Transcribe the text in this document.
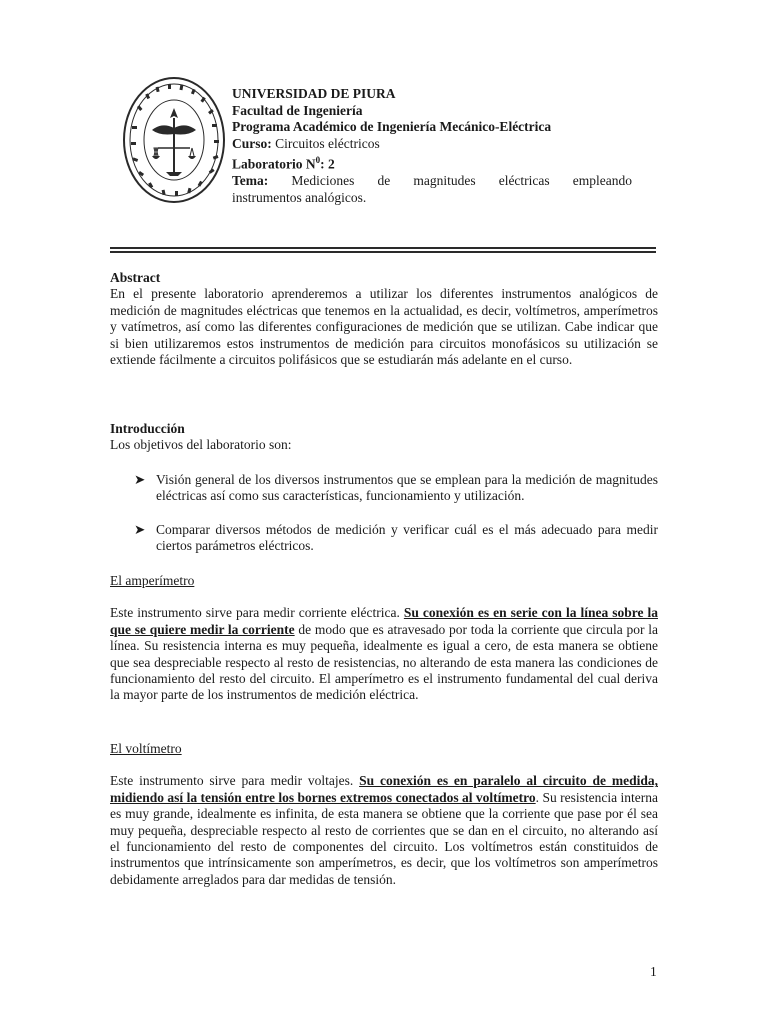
UNIVERSIDAD DE PIURA
Facultad de Ingeniería
Programa Académico de Ingeniería Mecánico-Eléctrica
Curso: Circuitos eléctricos
Laboratorio $N^0$: 2
Tema: Mediciones de magnitudes eléctricas empleando
instrumentos analógicos.
Abstract

En el presente laboratorio aprenderemos a utilizar los diferentes instrumentos analógicos de medición de magnitudes eléctricas que tenemos en la actualidad, es decir, voltímetros, amperímetros y vatímetros, así como las diferentes configuraciones de medición que se utilizan. Cabe indicar que si bien utilizaremos estos instrumentos de medición para circuitos monofásicos su utilización se extiende fácilmente a circuitos polifásicos que se estudiarán más adelante en el curso.

Introducción
Los objetivos del laboratorio son:
➤ Visión general de los diversos instrumentos que se emplean para la medición de magnitudes eléctricas así como sus características, funcionamiento y utilización.
➤ Comparar diversos métodos de medición y verificar cuál es el más adecuado para medir ciertos parámetros eléctricos.
El amperímetro

Este instrumento sirve para medir corriente eléctrica. Su conexión es en serie con la línea sobre la que se quiere medir la corriente de modo que es atravesado por toda la corriente que circula por la línea. Su resistencia interna es muy pequeña, idealmente es igual a cero, de esta manera se obtiene que sea despreciable respecto al resto de resistencias, no alterando de esta manera las condiciones de funcionamiento del resto del circuito. El amperímetro es el instrumento fundamental del cual deriva la mayor parte de los instrumentos de medición eléctrica.

El voltímetro

Este instrumento sirve para medir voltajes. Su conexión es en paralelo al circuito de medida, midiendo así la tensión entre los bornes extremos conectados al voltímetro. Su resistencia interna es muy grande, idealmente es infinita, de esta manera se obtiene que la corriente que pase por él sea muy pequeña, despreciable respecto al resto de corrientes que se dan en el circuito, no alterando así el funcionamiento del resto de componentes del circuito. Los voltímetros están constituidos de instrumentos que intrínsicamente son amperímetros, es decir, que los voltímetros son amperímetros debidamente arreglados para dar medidas de tensión.

1
